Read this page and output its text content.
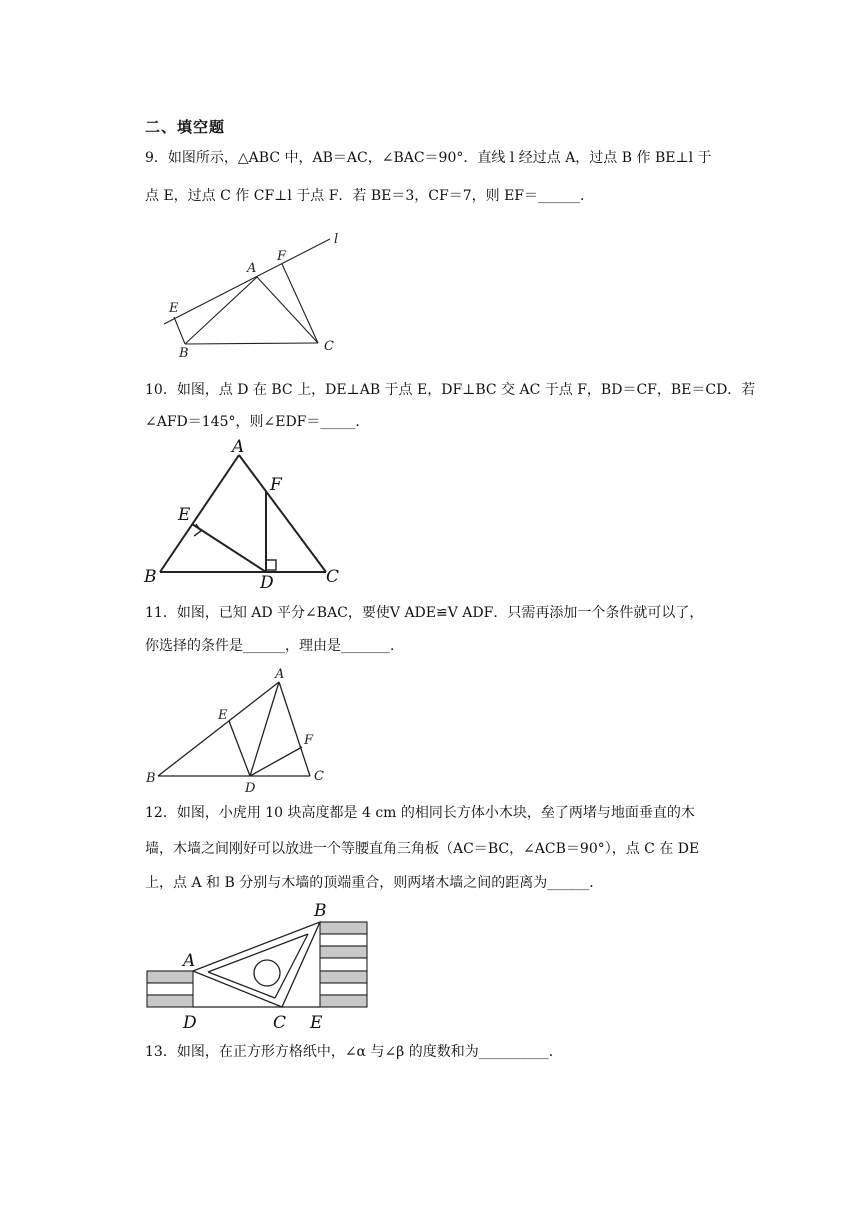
二、填空题
9．如图所示，△ABC 中，AB＝AC，∠BAC＝90°．直线 l 经过点 A，过点 B 作 BE⊥l 于
点 E，过点 C 作 CF⊥l 于点 F．若 BE＝3，CF＝7，则 EF＝______．
l
F
A
E
B	C
10．如图，点 D 在 BC 上，DE⊥AB 于点 E，DF⊥BC 交 AC 于点 F，BD＝CF，BE＝CD．若
∠AFD＝145°，则∠EDF＝_____．
A
F
E
B	D	C
11．如图，已知 AD 平分∠BAC，要使V ADE≌V ADF．只需再添加一个条件就可以了，
你选择的条件是______，理由是_______．
A
E
F
B
D
C
12．如图，小虎用 10 块高度都是 4 cm 的相同长方体小木块，垒了两堵与地面垂直的木
墙，木墙之间刚好可以放进一个等腰直角三角板（AC＝BC，∠ACB＝90°），点 C 在 DE
上，点 A 和 B 分别与木墙的顶端重合，则两堵木墙之间的距离为______．
B
A
D	C E
13．如图，在正方形方格纸中，∠α 与∠β 的度数和为__________．
